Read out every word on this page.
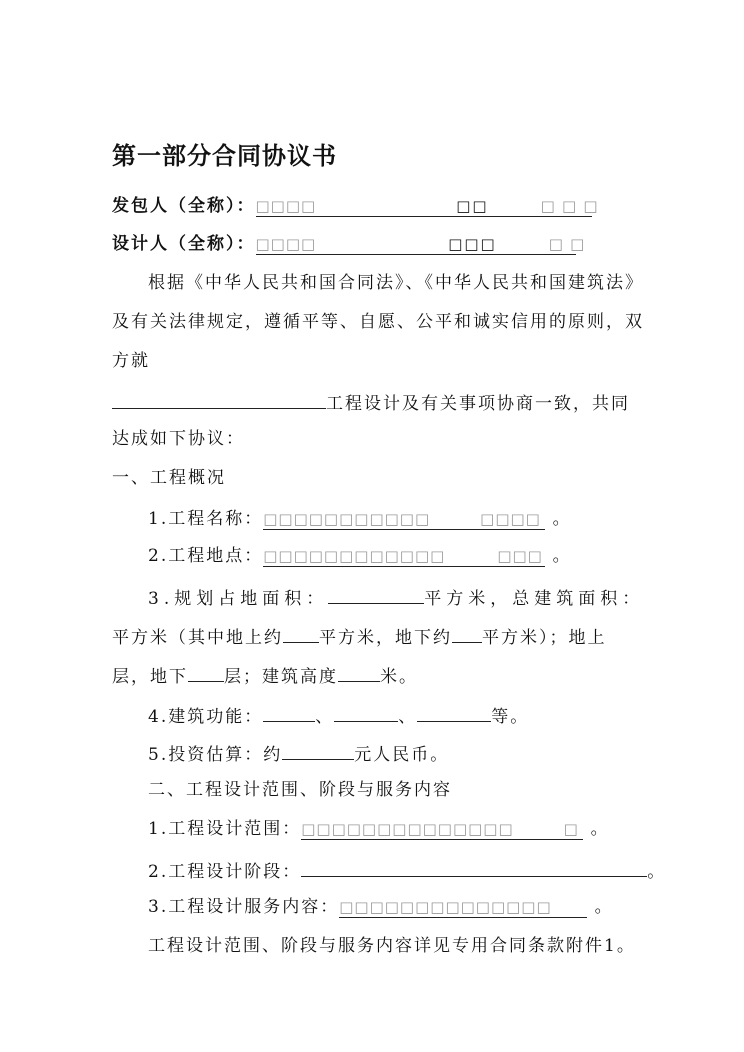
第一部分合同协议书
发包人（全称）：□□□□	□□	□ □ □
设计人（全称）：□□□□	□□□	□ □
根据《中华人民共和国合同法》、《中华人民共和国建筑法》
及有关法律规定，遵循平等、自愿、公平和诚实信用的原则，双
方就
工程设计及有关事项协商一致，共同
达成如下协议：
一、工程概况
1.工程名称：□□□□□□□□□□□	□□□□ 。
2.工程地点：□□□□□□□□□□□□	□□□ 。
3.规划占地面积：	平方米，总建筑面积：
平方米（其中地上约 平方米，地下约 平方米）；地上
层，地下 层；建筑高度 米。
4.建筑功能：	、	、	等。
5.投资估算：约	元人民币。
二、工程设计范围、阶段与服务内容
1.工程设计范围：□□□□□□□□□□□□□□	□ 。
2.工程设计阶段：	。
3.工程设计服务内容：□□□□□□□□□□□□□□	。
工程设计范围、阶段与服务内容详见专用合同条款附件1。
